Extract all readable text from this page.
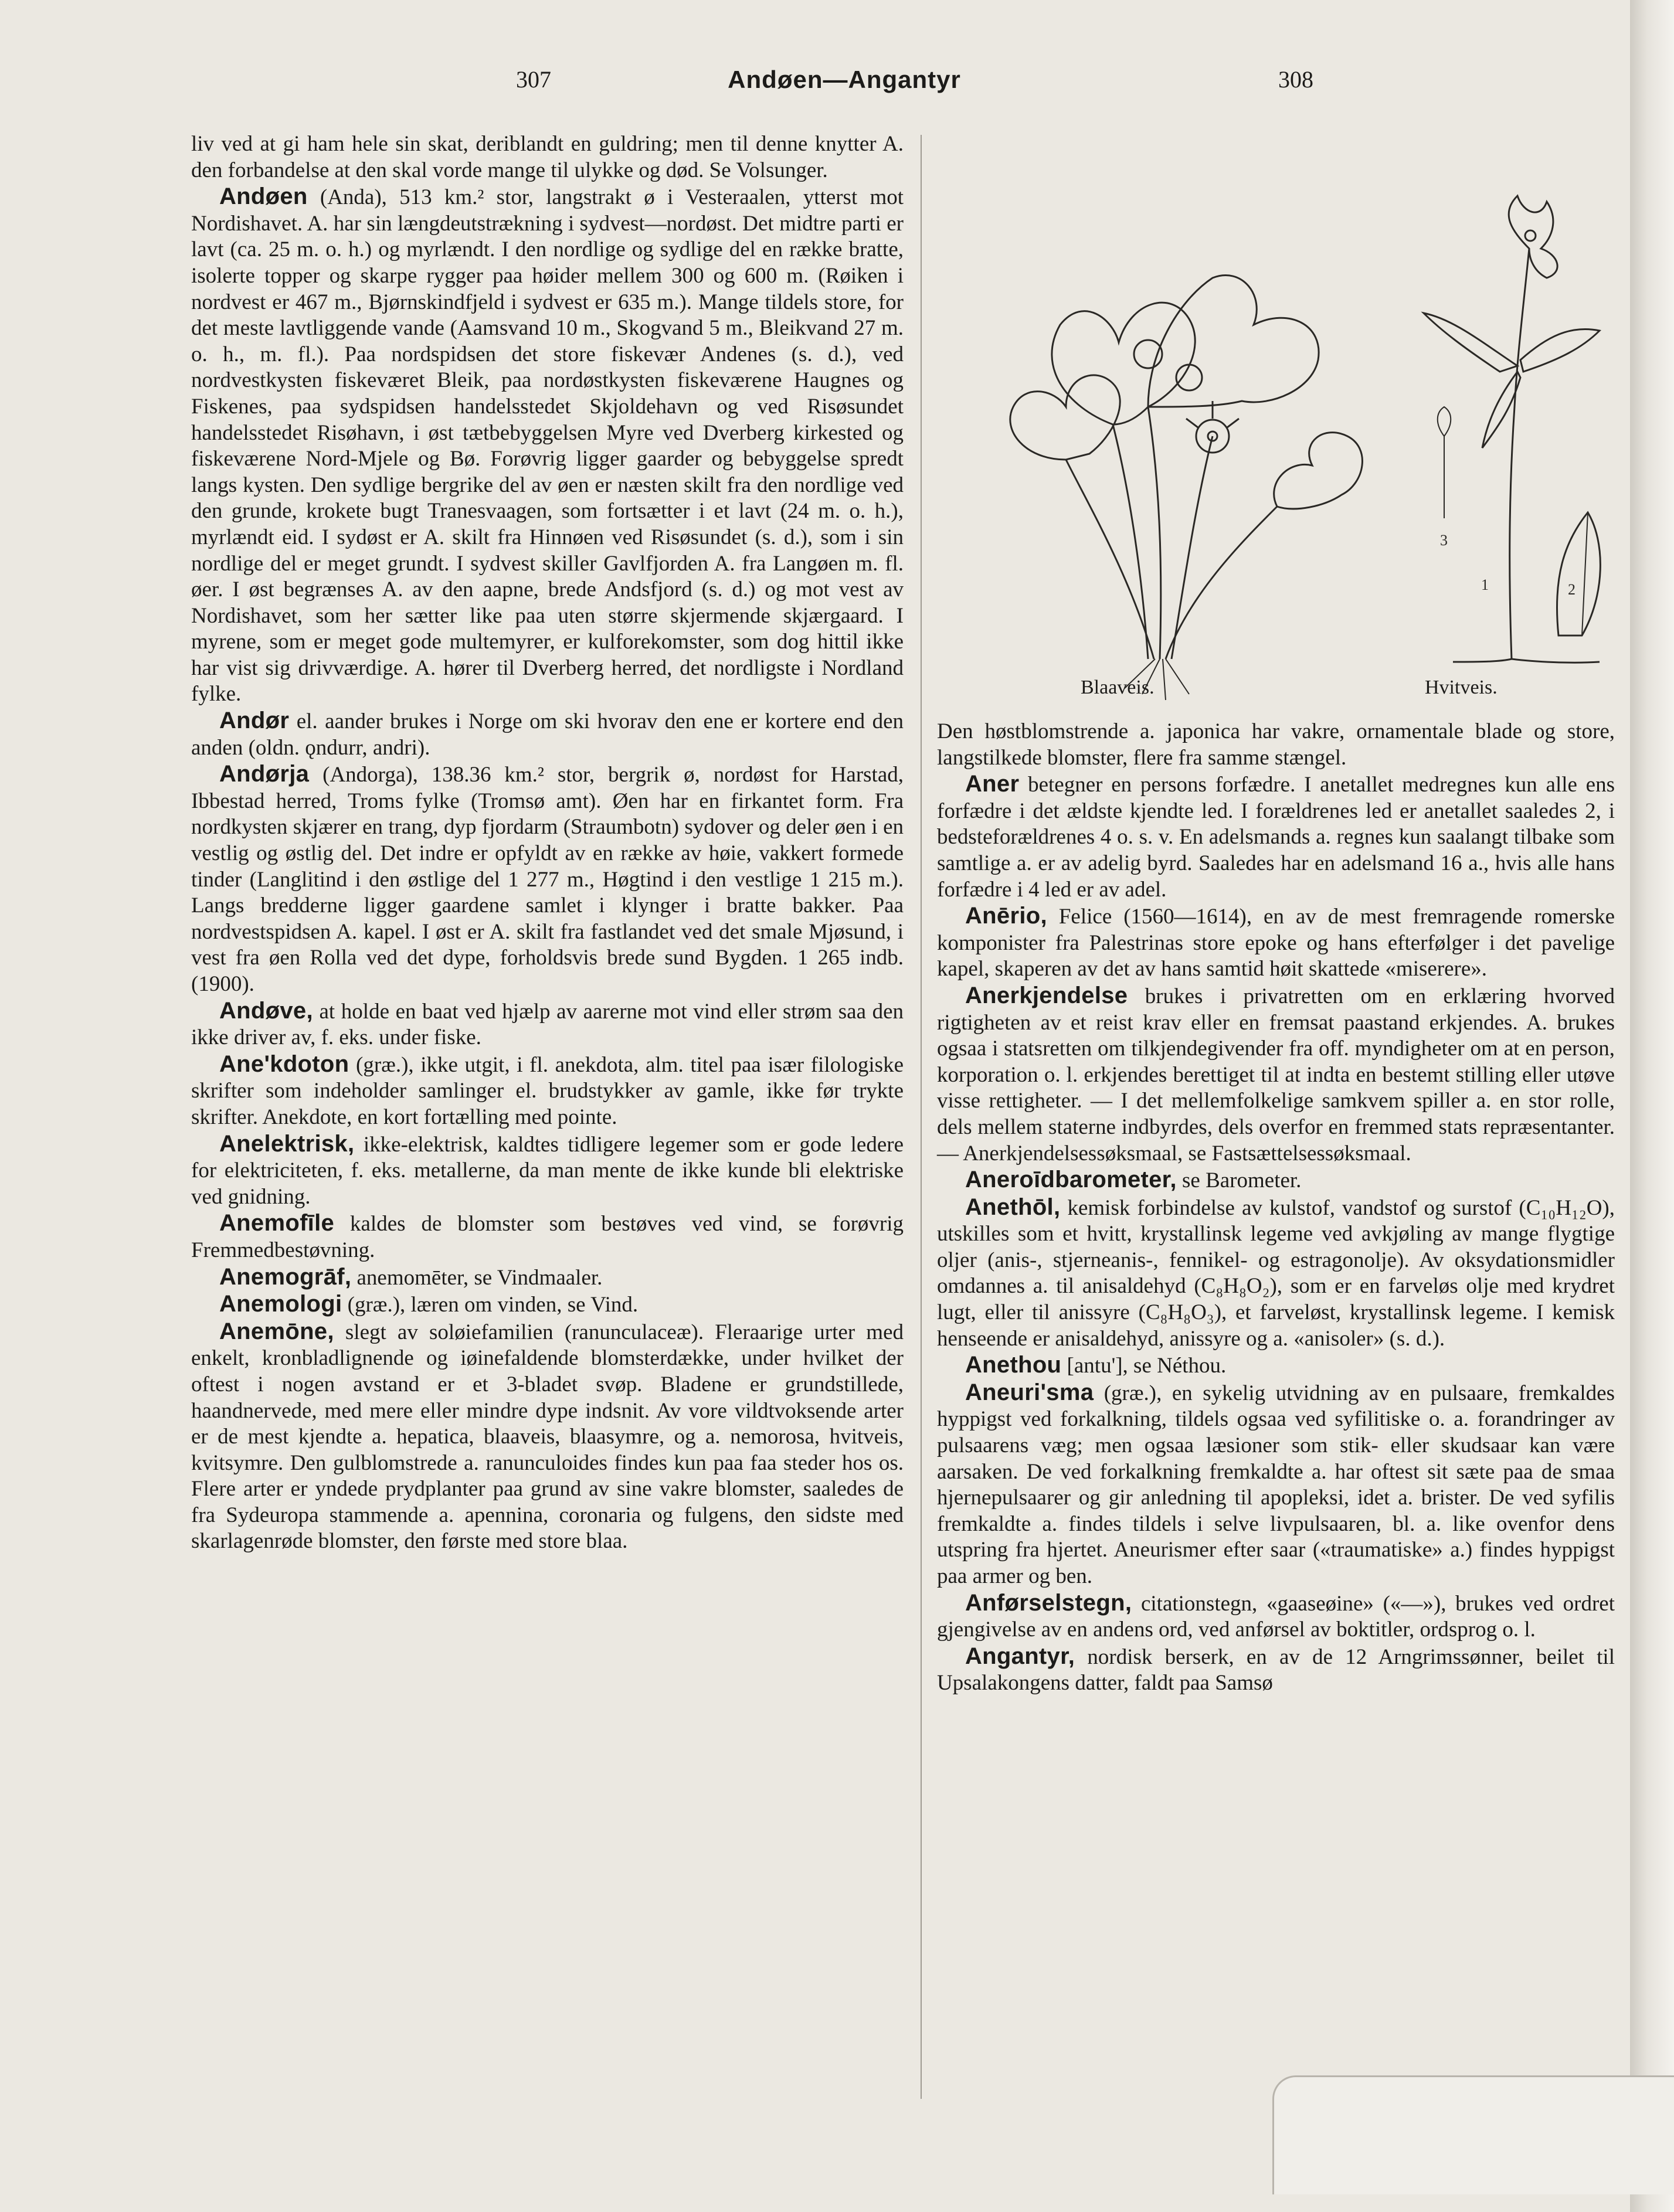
307	Andøen—Angantyr	308

liv ved at gi ham hele sin skat, deriblandt en guldring; men til denne knytter A. den forbandelse at den skal vorde mange til ulykke og død. Se Volsunger.

Andøen (Anda), 513 km.² stor, langstrakt ø i Vesteraalen, ytterst mot Nordishavet. A. har sin længdeutstrækning i sydvest—nordøst. Det midtre parti er lavt (ca. 25 m. o. h.) og myrlændt. I den nordlige og sydlige del en række bratte, isolerte topper og skarpe rygger paa høider mellem 300 og 600 m. (Røiken i nordvest er 467 m., Bjørnskindfjeld i sydvest er 635 m.). Mange tildels store, for det meste lavtliggende vande (Aamsvand 10 m., Skogvand 5 m., Bleikvand 27 m. o. h., m. fl.). Paa nordspidsen det store fiskevær Andenes (s. d.), ved nordvestkysten fiskeværet Bleik, paa nordøstkysten fiskeværene Haugnes og Fiskenes, paa sydspidsen handelsstedet Skjoldehavn og ved Risøsundet handelsstedet Risøhavn, i øst tætbebyggelsen Myre ved Dverberg kirkested og fiskeværene Nord-Mjele og Bø. Forøvrig ligger gaarder og bebyggelse spredt langs kysten. Den sydlige bergrike del av øen er næsten skilt fra den nordlige ved den grunde, krokete bugt Tranesvaagen, som fortsætter i et lavt (24 m. o. h.), myrlændt eid. I sydøst er A. skilt fra Hinnøen ved Risøsundet (s. d.), som i sin nordlige del er meget grundt. I sydvest skiller Gavlfjorden A. fra Langøen m. fl. øer. I øst begrænses A. av den aapne, brede Andsfjord (s. d.) og mot vest av Nordishavet, som her sætter like paa uten større skjermende skjærgaard. I myrene, som er meget gode multemyrer, er kulforekomster, som dog hittil ikke har vist sig drivværdige. A. hører til Dverberg herred, det nordligste i Nordland fylke.

Andør el. aander brukes i Norge om ski hvorav den ene er kortere end den anden (oldn. ǫndurr, andri).

Andørja (Andorga), 138.36 km.² stor, bergrik ø, nordøst for Harstad, Ibbestad herred, Troms fylke (Tromsø amt). Øen har en firkantet form. Fra nordkysten skjærer en trang, dyp fjordarm (Straumbotn) sydover og deler øen i en vestlig og østlig del. Det indre er opfyldt av en række av høie, vakkert formede tinder (Langlitind i den østlige del 1 277 m., Høgtind i den vestlige 1 215 m.). Langs bredderne ligger gaardene samlet i klynger i bratte bakker. Paa nordvestspidsen A. kapel. I øst er A. skilt fra fastlandet ved det smale Mjøsund, i vest fra øen Rolla ved det dype, forholdsvis brede sund Bygden. 1 265 indb. (1900).

Andøve, at holde en baat ved hjælp av aarerne mot vind eller strøm saa den ikke driver av, f. eks. under fiske.

Ane'kdoton (græ.), ikke utgit, i fl. anekdota, alm. titel paa især filologiske skrifter som indeholder samlinger el. brudstykker av gamle, ikke før trykte skrifter. Anekdote, en kort fortælling med pointe.

Anelektrisk, ikke-elektrisk, kaldtes tidligere legemer som er gode ledere for elektriciteten, f. eks. metallerne, da man mente de ikke kunde bli elektriske ved gnidning.

Anemofīle kaldes de blomster som bestøves ved vind, se forøvrig Fremmedbestøvning.

Anemogrāf, anemomēter, se Vindmaaler.

Anemologi (græ.), læren om vinden, se Vind.

Anemōne, slegt av soløiefamilien (ranunculaceæ). Fleraarige urter med enkelt, kronbladlignende og iøinefaldende blomsterdække, under hvilket der oftest i nogen avstand er et 3-bladet svøp. Bladene er grundstillede, haandnervede, med mere eller mindre dype indsnit. Av vore vildtvoksende arter er de mest kjendte a. hepatica, blaaveis, blaasymre, og a. nemorosa, hvitveis, kvitsymre. Den gulblomstrede a. ranunculoides findes kun paa faa steder hos os. Flere arter er yndede prydplanter paa grund av sine vakre blomster, saaledes de fra Sydeuropa stammende a. apennina, coronaria og fulgens, den sidste med skarlagenrøde blomster, den første med store blaa.

3
1	2
Blaaveis.	Hvitveis.

Den høstblomstrende a. japonica har vakre, ornamentale blade og store, langstilkede blomster, flere fra samme stængel.

Aner betegner en persons forfædre. I anetallet medregnes kun alle ens forfædre i det ældste kjendte led. I forældrenes led er anetallet saaledes 2, i bedsteforældrenes 4 o. s. v. En adelsmands a. regnes kun saalangt tilbake som samtlige a. er av adelig byrd. Saaledes har en adelsmand 16 a., hvis alle hans forfædre i 4 led er av adel.

Anērio, Felice (1560—1614), en av de mest fremragende romerske komponister fra Palestrinas store epoke og hans efterfølger i det pavelige kapel, skaperen av det av hans samtid høit skattede «miserere».

Anerkjendelse brukes i privatretten om en erklæring hvorved rigtigheten av et reist krav eller en fremsat paastand erkjendes. A. brukes ogsaa i statsretten om tilkjendegivender fra off. myndigheter om at en person, korporation o. l. erkjendes berettiget til at indta en bestemt stilling eller utøve visse rettigheter. — I det mellemfolkelige samkvem spiller a. en stor rolle, dels mellem staterne indbyrdes, dels overfor en fremmed stats repræsentanter. — Anerkjendelsessøksmaal, se Fastsættelsessøksmaal.

Aneroīdbarometer, se Barometer.

Anethōl, kemisk forbindelse av kulstof, vandstof og surstof (C₁₀H₁₂O), utskilles som et hvitt, krystallinsk legeme ved avkjøling av mange flygtige oljer (anis-, stjerneanis-, fennikel- og estragonolje). Av oksydationsmidler omdannes a. til anisaldehyd (C₈H₈O₂), som er en farveløs olje med krydret lugt, eller til anissyre (C₈H₈O₃), et farveløst, krystallinsk legeme. I kemisk henseende er anisaldehyd, anissyre og a. «anisoler» (s. d.).

Anethou [antu'], se Néthou.

Aneuri'sma (græ.), en sykelig utvidning av en pulsaare, fremkaldes hyppigst ved forkalkning, tildels ogsaa ved syfilitiske o. a. forandringer av pulsaarens væg; men ogsaa læsioner som stik- eller skudsaar kan være aarsaken. De ved forkalkning fremkaldte a. har oftest sit sæte paa de smaa hjernepulsaarer og gir anledning til apopleksi, idet a. brister. De ved syfilis fremkaldte a. findes tildels i selve livpulsaaren, bl. a. like ovenfor dens utspring fra hjertet. Aneurismer efter saar («traumatiske» a.) findes hyppigst paa armer og ben.

Anførselstegn, citationstegn, «gaaseøine» («—»), brukes ved ordret gjengivelse av en andens ord, ved anførsel av boktitler, ordsprog o. l.

Angantyr, nordisk berserk, en av de 12 Arngrimssønner, beilet til Upsalakongens datter, faldt paa Samsø
